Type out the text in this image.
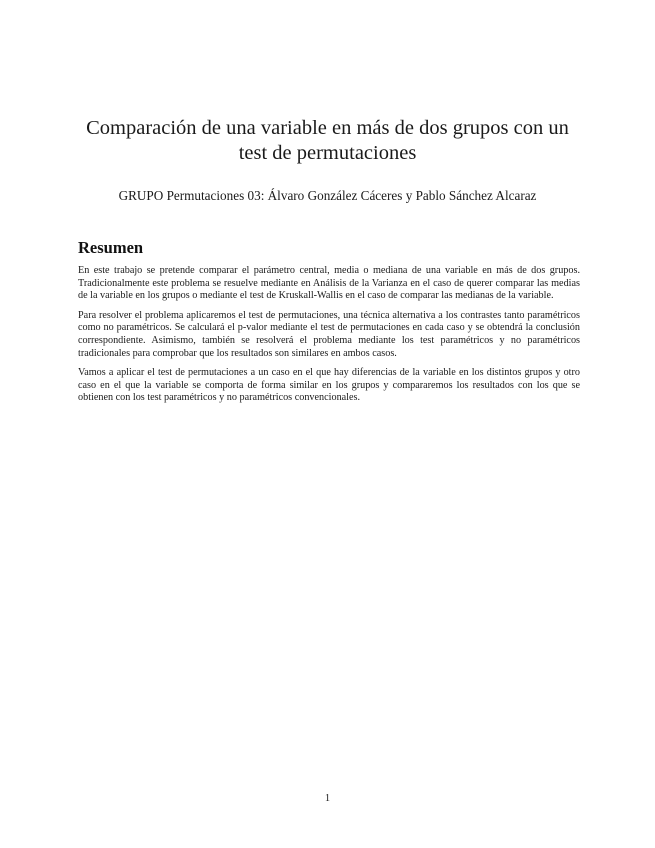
Comparación de una variable en más de dos grupos con un test de permutaciones
GRUPO Permutaciones 03: Álvaro González Cáceres y Pablo Sánchez Alcaraz
Resumen

En este trabajo se pretende comparar el parámetro central, media o mediana de una variable en más de dos grupos. Tradicionalmente este problema se resuelve mediante en Análisis de la Varianza en el caso de querer comparar las medias de la variable en los grupos o mediante el test de Kruskall-Wallis en el caso de comparar las medianas de la variable.

Para resolver el problema aplicaremos el test de permutaciones, una técnica alternativa a los contrastes tanto paramétricos como no paramétricos. Se calculará el p-valor mediante el test de permutaciones en cada caso y se obtendrá la conclusión correspondiente. Asimismo, también se resolverá el problema mediante los test paramétricos y no paramétricos tradicionales para comprobar que los resultados son similares en ambos casos.

Vamos a aplicar el test de permutaciones a un caso en el que hay diferencias de la variable en los distintos grupos y otro caso en el que la variable se comporta de forma similar en los grupos y compararemos los resultados con los que se obtienen con los test paramétricos y no paramétricos convencionales.

1
